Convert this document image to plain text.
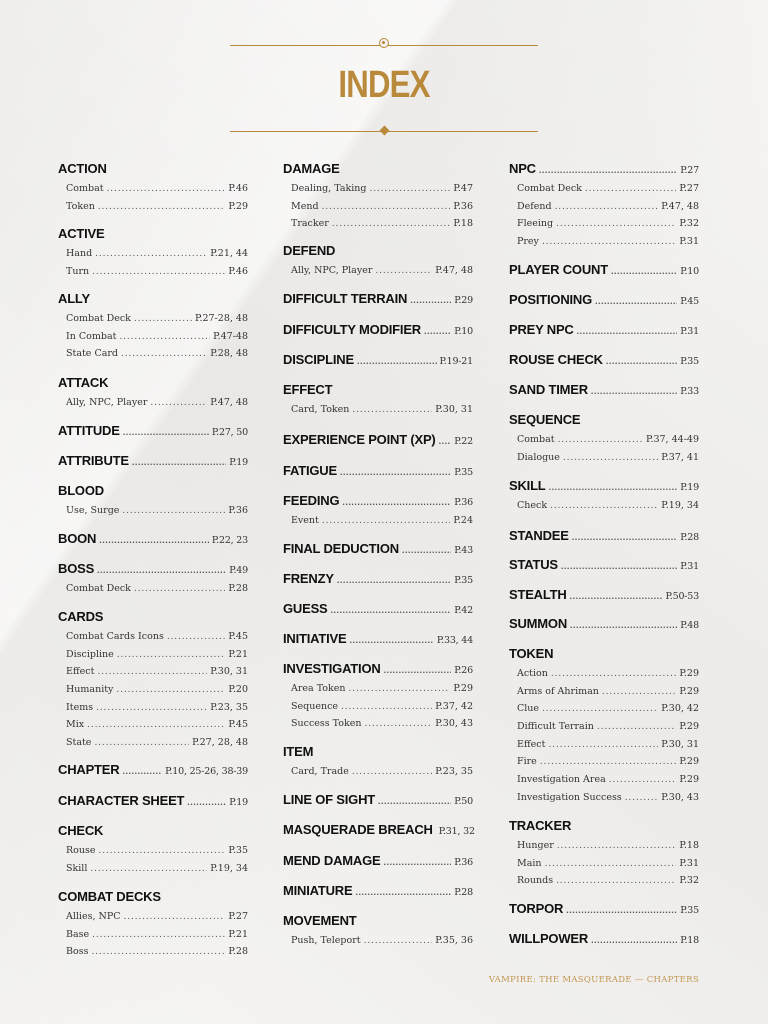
INDEX
ACTION
Combat . . .	P.46
Token . . .	P.29
ACTIVE
Hand . . .	P.21, 44
Turn . . .	P.46
ALLY
Combat Deck . . .	P.27-28, 48
In Combat . . .	P.47-48
State Card . . .	P.28, 48
ATTACK
Ally, NPC, Player . . .	P.47, 48
ATTITUDE . . .	P.27, 50
ATTRIBUTE . . .	P.19
BLOOD
Use, Surge . . .	P.36
BOON . . .	P.22, 23
BOSS . . .	P.49
Combat Deck . . .	P.28
CARDS
Combat Cards Icons . . .	P.45
Discipline . . .	P.21
Effect . . .	P.30, 31
Humanity . . .	P.20
Items . . .	P.23, 35
Mix . . .	P.45
State . . .	P.27, 28, 48
CHAPTER . . .	P.10, 25-26, 38-39
CHARACTER SHEET . . .	P.19
CHECK
Rouse . . .	P.35
Skill . . .	P.19, 34
COMBAT DECKS
Allies, NPC . . .	P.27
Base . . .	P.21
Boss . . .	P.28
DAMAGE
Dealing, Taking . . .	P.47
Mend . . .	P.36
Tracker . . .	P.18
DEFEND
Ally, NPC, Player . . .	P.47, 48
DIFFICULT TERRAIN . . .	P.29
DIFFICULTY MODIFIER . . .	P.10
DISCIPLINE . . .	P.19-21
EFFECT
Card, Token . . .	P.30, 31
EXPERIENCE POINT (XP) . . . P.22
FATIGUE . . .	P.35
FEEDING . . .	P.36
Event . . .	P.24
FINAL DEDUCTION . . .	P.43
FRENZY . . .	P.35
GUESS . . .	P.42
INITIATIVE . . .	P.33, 44
INVESTIGATION . . .	P.26
Area Token . . .	P.29
Sequence . . .	P.37, 42
Success Token . . .	P.30, 43
ITEM
Card, Trade . . .	P.23, 35
LINE OF SIGHT . . .	P.50
MASQUERADE BREACH P.31, 32
MEND DAMAGE . . .	P.36
MINIATURE . . .	P.28
MOVEMENT
Push, Teleport . . .	P.35, 36
NPC . . .	P.27
Combat Deck . . .	P.27
Defend . . .	P.47, 48
Fleeing . . .	P.32
Prey . . .	P.31
PLAYER COUNT . . .	P.10
POSITIONING . . .	P.45
PREY NPC . . .	P.31
ROUSE CHECK . . .	P.35
SAND TIMER . . .	P.33
SEQUENCE
Combat . . .	P.37, 44-49
Dialogue . . .	P.37, 41
SKILL . . .	P.19
Check . . .	P.19, 34
STANDEE . . .	P.28
STATUS . . .	P.31
STEALTH . . .	P.50-53
SUMMON . . .	P.48
TOKEN
Action . . .	P.29
Arms of Ahriman . . .	P.29
Clue . . .	P.30, 42
Difficult Terrain . . .	P.29
Effect . . .	P.30, 31
Fire . . .	P.29
Investigation Area . . .	P.29
Investigation Success . . .	P.30, 43
TRACKER
Hunger . . .	P.18
Main . . .	P.31
Rounds . . .	P.32
TORPOR . . .	P.35
WILLPOWER . . .	P.18
VAMPIRE: THE MASQUERADE — CHAPTERS
